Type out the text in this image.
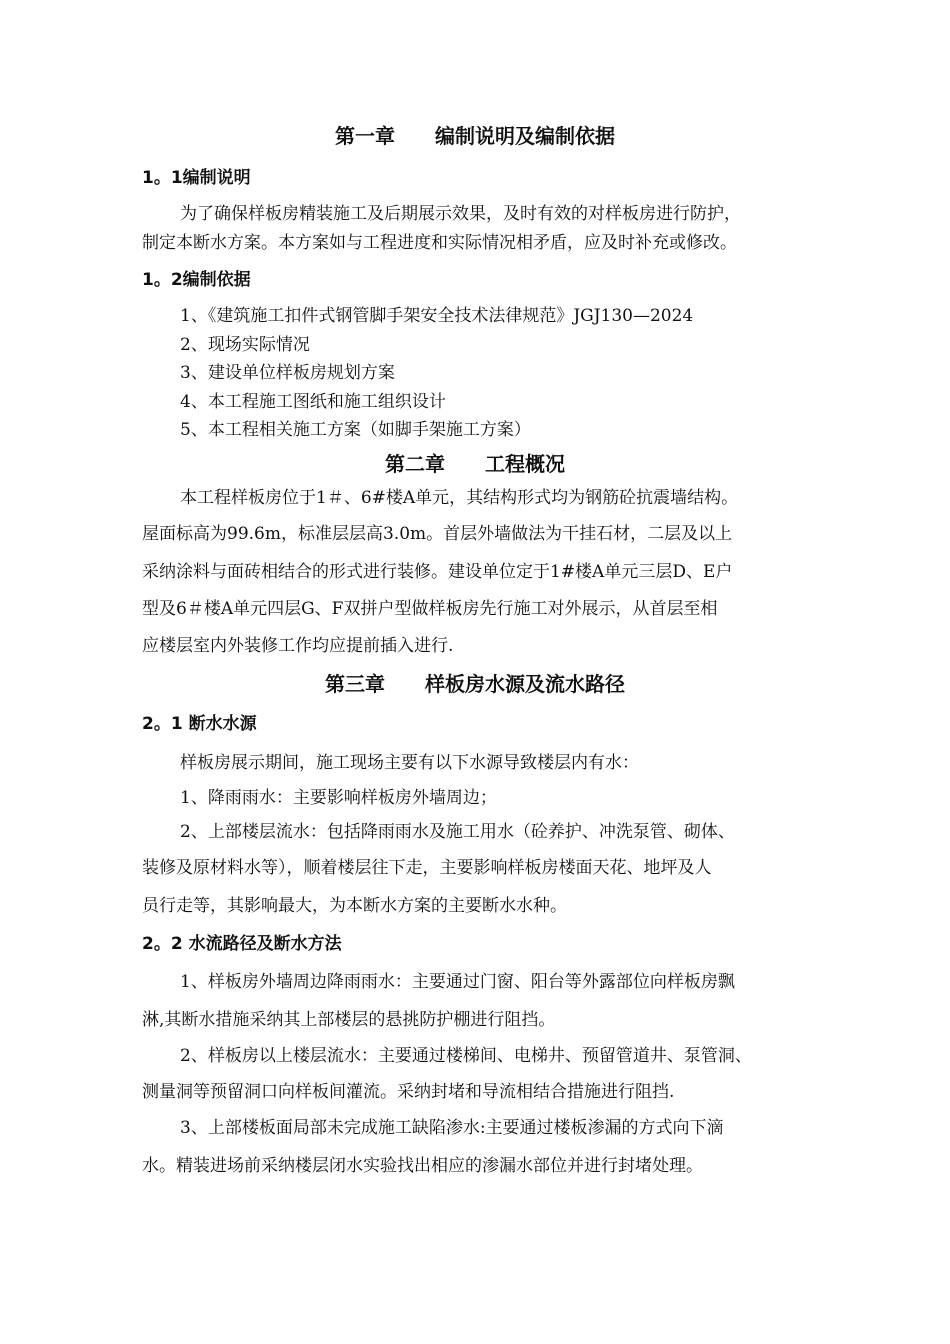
第一章 编制说明及编制依据
1。1编制说明
为了确保样板房精装施工及后期展示效果，及时有效的对样板房进行防护，
制定本断水方案。本方案如与工程进度和实际情况相矛盾，应及时补充或修改。
1。2编制依据
1、《建筑施工扣件式钢管脚手架安全技术法律规范》JGJ130—2024
2、现场实际情况
3、建设单位样板房规划方案
4、本工程施工图纸和施工组织设计
5、本工程相关施工方案（如脚手架施工方案）
第二章 工程概况
本工程样板房位于1＃、6#楼A单元，其结构形式均为钢筋砼抗震墙结构。
屋面标高为99.6m，标准层层高3.0m。首层外墙做法为干挂石材，二层及以上
采纳涂料与面砖相结合的形式进行装修。建设单位定于1#楼A单元三层D、E户
型及6＃楼A单元四层G、F双拼户型做样板房先行施工对外展示，从首层至相
应楼层室内外装修工作均应提前插入进行.
第三章 样板房水源及流水路径
2。1 断水水源
样板房展示期间，施工现场主要有以下水源导致楼层内有水：
1、降雨雨水：主要影响样板房外墙周边；
2、上部楼层流水：包括降雨雨水及施工用水（砼养护、冲洗泵管、砌体、
装修及原材料水等），顺着楼层往下走，主要影响样板房楼面天花、地坪及人
员行走等，其影响最大，为本断水方案的主要断水水种。
2。2 水流路径及断水方法
1、样板房外墙周边降雨雨水：主要通过门窗、阳台等外露部位向样板房飘
淋,其断水措施采纳其上部楼层的悬挑防护棚进行阻挡。
2、样板房以上楼层流水：主要通过楼梯间、电梯井、预留管道井、泵管洞、
测量洞等预留洞口向样板间灌流。采纳封堵和导流相结合措施进行阻挡.
3、上部楼板面局部未完成施工缺陷渗水:主要通过楼板渗漏的方式向下滴
水。精装进场前采纳楼层闭水实验找出相应的渗漏水部位并进行封堵处理。
